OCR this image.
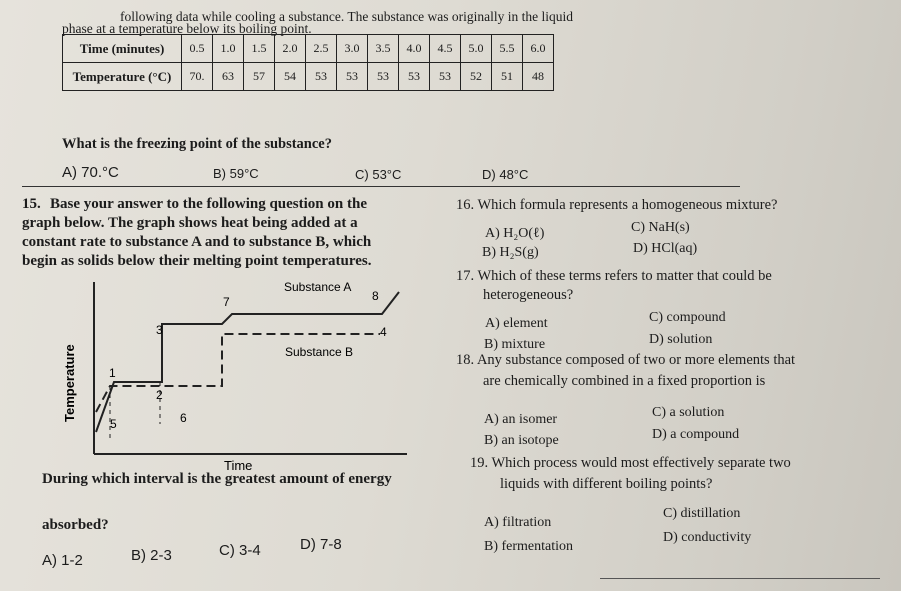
following data while cooling a substance. The substance was originally in the liquid
phase at a temperature below its boiling point.
Time (minutes)	0.5	1.0	1.5	2.0	2.5	3.0	3.5	4.0	4.5	5.0	5.5	6.0
Temperature (°C)	70.	63	57	54	53	53	53	53	53	52	51	48
What is the freezing point of the substance?
A) 70.°C	B) 59°C	C) 53°C	D) 48°C
15. Base your answer to the following question on the
graph below. The graph shows heat being added at a
constant rate to substance A and to substance B, which
begin as solids below their melting point temperatures.
Substance A
Substance B
1
2
3	4
5	6
7	8
Temperature
Time
During which interval is the greatest amount of energy
absorbed?
A) 1-2	B) 2-3	C) 3-4	D) 7-8
16. Which formula represents a homogeneous mixture?
A) H₂O(ℓ)	C) NaH(s)
B) H₂S(g)	D) HCl(aq)
17. Which of these terms refers to matter that could be
heterogeneous?
A) element	C) compound
B) mixture	D) solution
18. Any substance composed of two or more elements that
are chemically combined in a fixed proportion is
A) an isomer	C) a solution
B) an isotope	D) a compound
19. Which process would most effectively separate two
liquids with different boiling points?
A) filtration
C) distillation
B) fermentation
D) conductivity
